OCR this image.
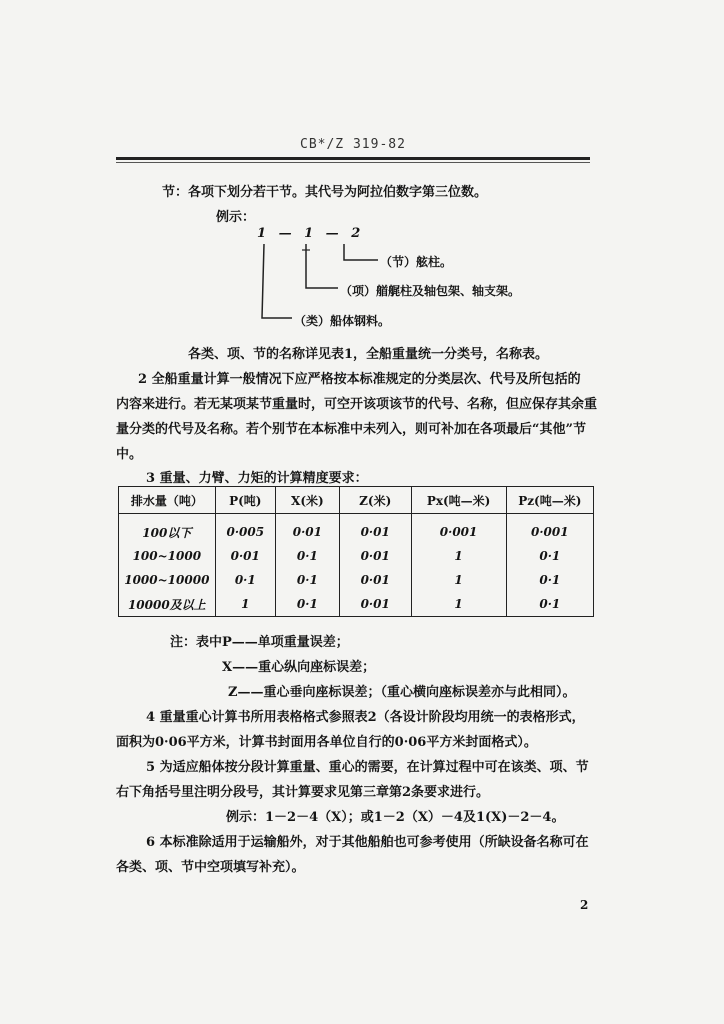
CB*/Z 319-82
节：各项下划分若干节。其代号为阿拉伯数字第三位数。
例示：
1 — 1 — 2
（节）舷柱。
（项）艏艉柱及轴包架、轴支架。
（类）船体钢料。
各类、项、节的名称详见表1，全船重量统一分类号，名称表。
2 全船重量计算一般情况下应严格按本标准规定的分类层次、代号及所包括的
内容来进行。若无某项某节重量时，可空开该项该节的代号、名称，但应保存其余重
量分类的代号及名称。若个别节在本标准中未列入，则可补加在各项最后“其他”节
中。
3 重量、力臂、力矩的计算精度要求：
排水量（吨）	P(吨)	X(米)	Z(米)	Px(吨—米)	Pz(吨—米)
100以下	0·005	0·01	0·01	0·001	0·001
100~1000	0·01	0·1	0·01	1	0·1
1000~10000	0·1	0·1	0·01	1	0·1
10000及以上	1	0·1	0·01	1	0·1
注：表中P——单项重量误差；
X——重心纵向座标误差；
Z——重心垂向座标误差；（重心横向座标误差亦与此相同）。
4 重量重心计算书所用表格格式参照表2（各设计阶段均用统一的表格形式，
面积为0·06平方米，计算书封面用各单位自行的0·06平方米封面格式）。
5 为适应船体按分段计算重量、重心的需要，在计算过程中可在该类、项、节
右下角括号里注明分段号，其计算要求见第三章第2条要求进行。
例示：1－2－4（X）；或1－2（X）－4及1(X)－2－4。
6 本标准除适用于运输船外，对于其他船舶也可参考使用（所缺设备名称可在
各类、项、节中空项填写补充）。
2
